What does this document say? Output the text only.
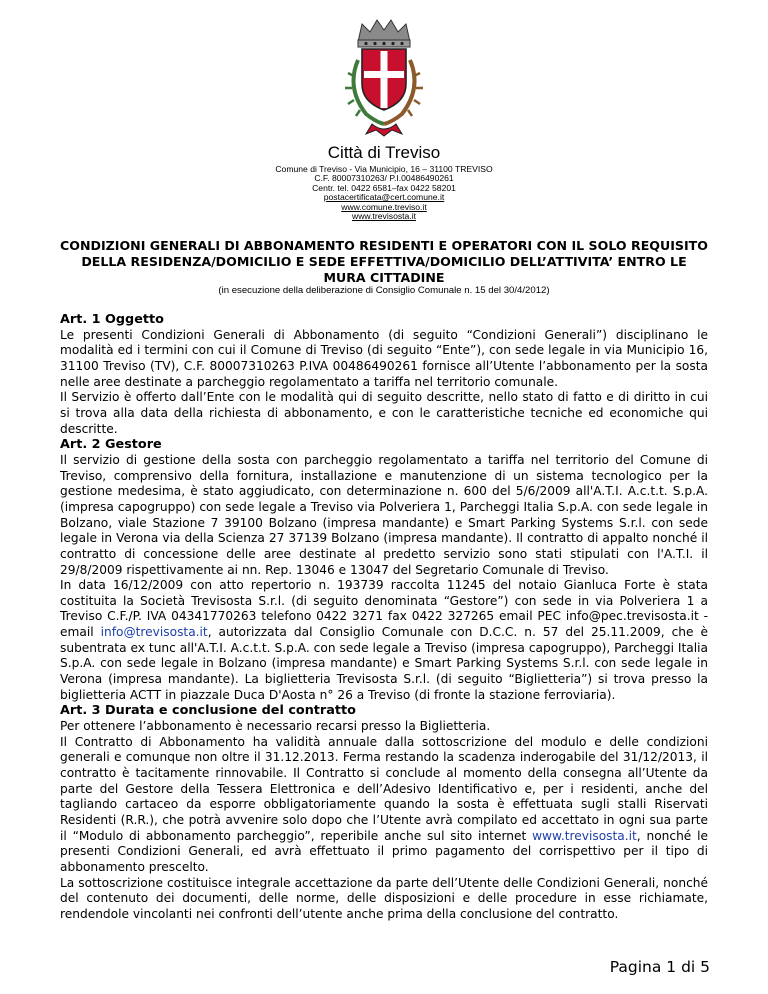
Città di Treviso
Comune di Treviso - Via Municipio, 16 – 31100 TREVISO
C.F. 80007310263/ P.I.00486490261
Centr. tel. 0422 6581–fax 0422 58201
postacertificata@cert.comune.it
www.comune.treviso.it
www.trevisosta.it
CONDIZIONI GENERALI DI ABBONAMENTO RESIDENTI E OPERATORI CON IL SOLO REQUISITO DELLA RESIDENZA/DOMICILIO E SEDE EFFETTIVA/DOMICILIO DELL’ATTIVITA’ ENTRO LE MURA CITTADINE
(in esecuzione della deliberazione di Consiglio Comunale n. 15 del 30/4/2012)
Art. 1 Oggetto

Le presenti Condizioni Generali di Abbonamento (di seguito “Condizioni Generali”) disciplinano le modalità ed i termini con cui il Comune di Treviso (di seguito “Ente”), con sede legale in via Municipio 16, 31100 Treviso (TV), C.F. 80007310263 P.IVA 00486490261 fornisce all’Utente l’abbonamento per la sosta nelle aree destinate a parcheggio regolamentato a tariffa nel territorio comunale.

Il Servizio è offerto dall’Ente con le modalità qui di seguito descritte, nello stato di fatto e di diritto in cui si trova alla data della richiesta di abbonamento, e con le caratteristiche tecniche ed economiche qui descritte.

Art. 2 Gestore

Il servizio di gestione della sosta con parcheggio regolamentato a tariffa nel territorio del Comune di Treviso, comprensivo della fornitura, installazione e manutenzione di un sistema tecnologico per la gestione medesima, è stato aggiudicato, con determinazione n. 600 del 5/6/2009 all'A.T.I. A.c.t.t. S.p.A. (impresa capogruppo) con sede legale a Treviso via Polveriera 1, Parcheggi Italia S.p.A. con sede legale in Bolzano, viale Stazione 7 39100 Bolzano (impresa mandante) e Smart Parking Systems S.r.l. con sede legale in Verona via della Scienza 27 37139 Bolzano (impresa mandante). Il contratto di appalto nonché il contratto di concessione delle aree destinate al predetto servizio sono stati stipulati con l'A.T.I. il 29/8/2009 rispettivamente ai nn. Rep. 13046 e 13047 del Segretario Comunale di Treviso.

In data 16/12/2009 con atto repertorio n. 193739 raccolta 11245 del notaio Gianluca Forte è stata costituita la Società Trevisosta S.r.l. (di seguito denominata “Gestore”) con sede in via Polveriera 1 a Treviso C.F./P. IVA 04341770263 telefono 0422 3271 fax 0422 327265 email PEC info@pec.trevisosta.it - email info@trevisosta.it, autorizzata dal Consiglio Comunale con D.C.C. n. 57 del 25.11.2009, che è subentrata ex tunc all'A.T.I. A.c.t.t. S.p.A. con sede legale a Treviso (impresa capogruppo), Parcheggi Italia S.p.A. con sede legale in Bolzano (impresa mandante) e Smart Parking Systems S.r.l. con sede legale in Verona (impresa mandante). La biglietteria Trevisosta S.r.l. (di seguito “Biglietteria”) si trova presso la biglietteria ACTT in piazzale Duca D'Aosta n° 26 a Treviso (di fronte la stazione ferroviaria).

Art. 3 Durata e conclusione del contratto

Per ottenere l’abbonamento è necessario recarsi presso la Biglietteria.

Il Contratto di Abbonamento ha validità annuale dalla sottoscrizione del modulo e delle condizioni generali e comunque non oltre il 31.12.2013. Ferma restando la scadenza inderogabile del 31/12/2013, il contratto è tacitamente rinnovabile. Il Contratto si conclude al momento della consegna all’Utente da parte del Gestore della Tessera Elettronica e dell’Adesivo Identificativo e, per i residenti, anche del tagliando cartaceo da esporre obbligatoriamente quando la sosta è effettuata sugli stalli Riservati Residenti (R.R.), che potrà avvenire solo dopo che l’Utente avrà compilato ed accettato in ogni sua parte il “Modulo di abbonamento parcheggio”, reperibile anche sul sito internet www.trevisosta.it, nonché le presenti Condizioni Generali, ed avrà effettuato il primo pagamento del corrispettivo per il tipo di abbonamento prescelto.

La sottoscrizione costituisce integrale accettazione da parte dell’Utente delle Condizioni Generali, nonché del contenuto dei documenti, delle norme, delle disposizioni e delle procedure in esse richiamate, rendendole vincolanti nei confronti dell’utente anche prima della conclusione del contratto.

Pagina 1 di 5
